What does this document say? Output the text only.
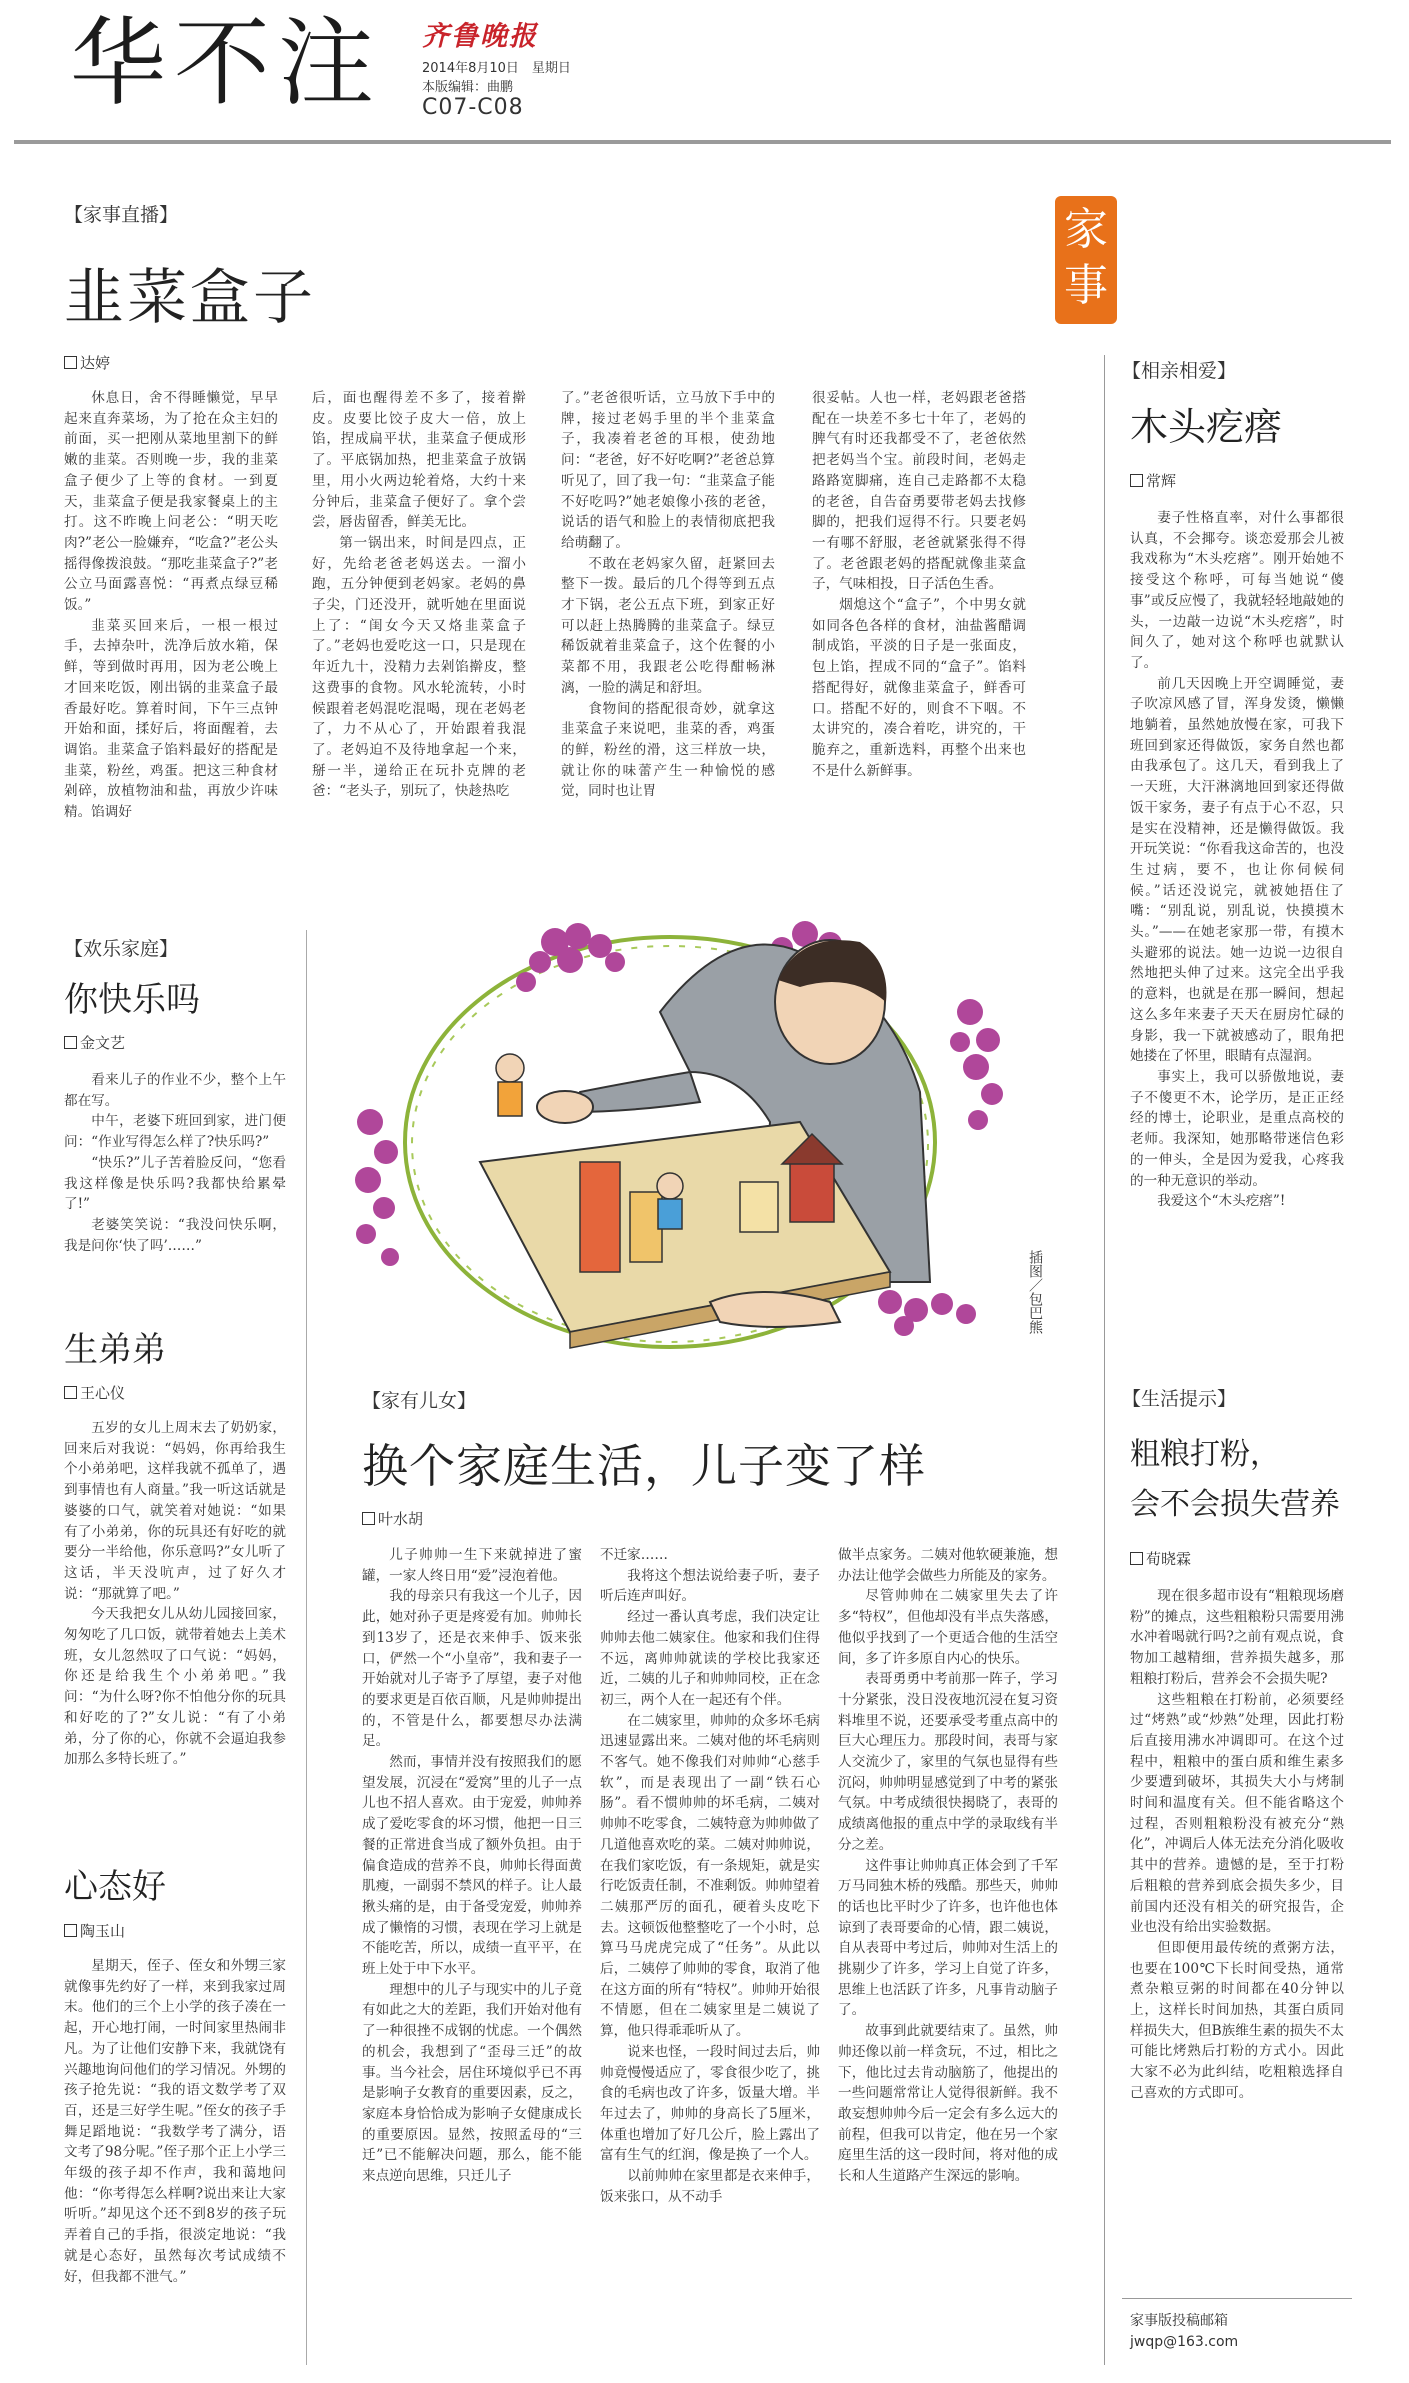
华不注 齐鲁晚报
2014年8月10日　星期日
本版编辑：曲鹏
C07-C08
家
事
【家事直播】
韭菜盒子
达婷

休息日，舍不得睡懒觉，早早起来直奔菜场，为了抢在众主妇的前面，买一把刚从菜地里割下的鲜嫩的韭菜。否则晚一步，我的韭菜盒子便少了上等的食材。一到夏天，韭菜盒子便是我家餐桌上的主打。这不昨晚上问老公：“明天吃肉?”老公一脸嫌弃，“吃盒?”老公头摇得像拨浪鼓。“那吃韭菜盒子?”老公立马面露喜悦：“再煮点绿豆稀饭。”

韭菜买回来后，一根一根过手，去掉杂叶，洗净后放水箱，保鲜，等到做时再用，因为老公晚上才回来吃饭，刚出锅的韭菜盒子最香最好吃。算着时间，下午三点钟开始和面，揉好后，将面醒着，去调馅。韭菜盒子馅料最好的搭配是韭菜，粉丝，鸡蛋。把这三种食材剁碎，放植物油和盐，再放少许味精。馅调好

后，面也醒得差不多了，接着擀皮。皮要比饺子皮大一倍，放上馅，捏成扁平状，韭菜盒子便成形了。平底锅加热，把韭菜盒子放锅里，用小火两边轮着烙，大约十来分钟后，韭菜盒子便好了。拿个尝尝，唇齿留香，鲜美无比。

第一锅出来，时间是四点，正好，先给老爸老妈送去。一溜小跑，五分钟便到老妈家。老妈的鼻子尖，门还没开，就听她在里面说上了：“闺女今天又烙韭菜盒子了。”老妈也爱吃这一口，只是现在年近九十，没精力去剁馅擀皮，整这费事的食物。风水轮流转，小时候跟着老妈混吃混喝，现在老妈老了，力不从心了，开始跟着我混了。老妈迫不及待地拿起一个来，掰一半，递给正在玩扑克牌的老爸：“老头子，别玩了，快趁热吃

了。”老爸很听话，立马放下手中的牌，接过老妈手里的半个韭菜盒子，我凑着老爸的耳根，使劲地问：“老爸，好不好吃啊?”老爸总算听见了，回了我一句：“韭菜盒子能不好吃吗?”她老娘像小孩的老爸，说话的语气和脸上的表情彻底把我给萌翻了。

不敢在老妈家久留，赶紧回去整下一拨。最后的几个得等到五点才下锅，老公五点下班，到家正好可以赶上热腾腾的韭菜盒子。绿豆稀饭就着韭菜盒子，这个佐餐的小菜都不用，我跟老公吃得酣畅淋漓，一脸的满足和舒坦。

食物间的搭配很奇妙，就拿这韭菜盒子来说吧，韭菜的香，鸡蛋的鲜，粉丝的滑，这三样放一块，就让你的味蕾产生一种愉悦的感觉，同时也让胃

很妥帖。人也一样，老妈跟老爸搭配在一块差不多七十年了，老妈的脾气有时还我都受不了，老爸依然把老妈当个宝。前段时间，老妈走路路宽脚痛，连自己走路都不太稳的老爸，自告奋勇要带老妈去找修脚的，把我们逗得不行。只要老妈一有哪不舒服，老爸就紧张得不得了。老爸跟老妈的搭配就像韭菜盒子，气味相投，日子活色生香。

烟熄这个“盒子”，个中男女就如同各色各样的食材，油盐酱醋调制成馅，平淡的日子是一张面皮，包上馅，捏成不同的“盒子”。馅料搭配得好，就像韭菜盒子，鲜香可口。搭配不好的，则食不下咽。不太讲究的，凑合着吃，讲究的，干脆弃之，重新选料，再整个出来也不是什么新鲜事。

【欢乐家庭】
你快乐吗
金文艺

看来儿子的作业不少，整个上午都在写。

中午，老婆下班回到家，进门便问：“作业写得怎么样了?快乐吗?”

“快乐?”儿子苦着脸反问，“您看我这样像是快乐吗?我都快给累晕了!”

老婆笑笑说：“我没问快乐啊，我是问你‘快了吗’……”

生弟弟
王心仪

五岁的女儿上周末去了奶奶家，回来后对我说：“妈妈，你再给我生个小弟弟吧，这样我就不孤单了，遇到事情也有人商量。”我一听这话就是婆婆的口气，就笑着对她说：“如果有了小弟弟，你的玩具还有好吃的就要分一半给他，你乐意吗?”女儿听了这话，半天没吭声，过了好久才说：“那就算了吧。”

今天我把女儿从幼儿园接回家，匆匆吃了几口饭，就带着她去上美术班，女儿忽然叹了口气说：“妈妈，你还是给我生个小弟弟吧。”我问：“为什么呀?你不怕他分你的玩具和好吃的了?”女儿说：“有了小弟弟，分了你的心，你就不会逼迫我参加那么多特长班了。”

心态好
陶玉山

星期天，侄子、侄女和外甥三家就像事先约好了一样，来到我家过周末。他们的三个上小学的孩子凑在一起，开心地打闹，一时间家里热闹非凡。为了让他们安静下来，我就饶有兴趣地询问他们的学习情况。外甥的孩子抢先说：“我的语文数学考了双百，还是三好学生呢。”侄女的孩子手舞足蹈地说：“我数学考了满分，语文考了98分呢。”侄子那个正上小学三年级的孩子却不作声，我和蔼地问他：“你考得怎么样啊?说出来让大家听听。”却见这个还不到8岁的孩子玩弄着自己的手指，很淡定地说：“我就是心态好，虽然每次考试成绩不好，但我都不泄气。”

插图／包巴熊
【家有儿女】
换个家庭生活，儿子变了样
叶水胡

儿子帅帅一生下来就掉进了蜜罐，一家人终日用“爱”浸泡着他。

我的母亲只有我这一个儿子，因此，她对孙子更是疼爱有加。帅帅长到13岁了，还是衣来伸手、饭来张口，俨然一个“小皇帝”，我和妻子一开始就对儿子寄予了厚望，妻子对他的要求更是百依百顺，凡是帅帅提出的，不管是什么，都要想尽办法满足。

然而，事情并没有按照我们的愿望发展，沉浸在“爱窝”里的儿子一点儿也不招人喜欢。由于宠爱，帅帅养成了爱吃零食的坏习惯，他把一日三餐的正常进食当成了额外负担。由于偏食造成的营养不良，帅帅长得面黄肌瘦，一副弱不禁风的样子。让人最揪头痛的是，由于备受宠爱，帅帅养成了懒惰的习惯，表现在学习上就是不能吃苦，所以，成绩一直平平，在班上处于中下水平。

理想中的儿子与现实中的儿子竟有如此之大的差距，我们开始对他有了一种很挫不成钢的忧虑。一个偶然的机会，我想到了“歪母三迁”的故事。当今社会，居住环境似乎已不再是影响子女教育的重要因素，反之，家庭本身恰恰成为影响子女健康成长的重要原因。显然，按照孟母的“三迁”已不能解决问题，那么，能不能来点逆向思维，只迁儿子

不迁家……

我将这个想法说给妻子听，妻子听后连声叫好。

经过一番认真考虑，我们决定让帅帅去他二姨家住。他家和我们住得不远，离帅帅就读的学校比我家还近，二姨的儿子和帅帅同校，正在念初三，两个人在一起还有个伴。

在二姨家里，帅帅的众多坏毛病迅速显露出来。二姨对他的坏毛病则不客气。她不像我们对帅帅“心慈手软”，而是表现出了一副“铁石心肠”。看不惯帅帅的坏毛病，二姨对帅帅不吃零食，二姨特意为帅帅做了几道他喜欢吃的菜。二姨对帅帅说，在我们家吃饭，有一条规矩，就是实行吃饭责任制，不准剩饭。帅帅望着二姨那严厉的面孔，硬着头皮吃下去。这顿饭他整整吃了一个小时，总算马马虎虎完成了“任务”。从此以后，二姨停了帅帅的零食，取消了他在这方面的所有“特权”。帅帅开始很不情愿，但在二姨家里是二姨说了算，他只得乖乖听从了。

说来也怪，一段时间过去后，帅帅竟慢慢适应了，零食很少吃了，挑食的毛病也改了许多，饭量大增。半年过去了，帅帅的身高长了5厘米，体重也增加了好几公斤，脸上露出了富有生气的红润，像是换了一个人。

以前帅帅在家里都是衣来伸手，饭来张口，从不动手

做半点家务。二姨对他软硬兼施，想办法让他学会做些力所能及的家务。

尽管帅帅在二姨家里失去了许多“特权”，但他却没有半点失落感，他似乎找到了一个更适合他的生活空间，多了许多原自内心的快乐。

表哥勇勇中考前那一阵子，学习十分紧张，没日没夜地沉浸在复习资料堆里不说，还要承受考重点高中的巨大心理压力。那段时间，表哥与家人交流少了，家里的气氛也显得有些沉闷，帅帅明显感觉到了中考的紧张气氛。中考成绩很快揭晓了，表哥的成绩离他报的重点中学的录取线有半分之差。

这件事让帅帅真正体会到了千军万马同独木桥的残酷。那些天，帅帅的话也比平时少了许多，也许他也体谅到了表哥要命的心情，跟二姨说，自从表哥中考过后，帅帅对生活上的挑剔少了许多，学习上自觉了许多，思维上也活跃了许多，凡事肯动脑子了。

故事到此就要结束了。虽然，帅帅还像以前一样贪玩，不过，相比之下，他比过去肯动脑筋了，他提出的一些问题常常让人觉得很新鲜。我不敢妄想帅帅今后一定会有多么远大的前程，但我可以肯定，他在另一个家庭里生活的这一段时间，将对他的成长和人生道路产生深远的影响。

【相亲相爱】
木头疙瘩
常辉

妻子性格直率，对什么事都很认真，不会揶夸。谈恋爱那会儿被我戏称为“木头疙瘩”。刚开始她不接受这个称呼，可每当她说“傻事”或反应慢了，我就轻轻地敲她的头，一边敲一边说“木头疙瘩”，时间久了，她对这个称呼也就默认了。

前几天因晚上开空调睡觉，妻子吹凉风感了冒，浑身发烫，懒懒地躺着，虽然她放慢在家，可我下班回到家还得做饭，家务自然也都由我承包了。这几天，看到我上了一天班，大汗淋漓地回到家还得做饭干家务，妻子有点于心不忍，只是实在没精神，还是懒得做饭。我开玩笑说：“你看我这命苦的，也没生过病，要不，也让你伺候伺候。”话还没说完，就被她捂住了嘴：“别乱说，别乱说，快摸摸木头。”——在她老家那一带，有摸木头避邪的说法。她一边说一边很自然地把头伸了过来。这完全出乎我的意料，也就是在那一瞬间，想起这么多年来妻子天天在厨房忙碌的身影，我一下就被感动了，眼角把她搂在了怀里，眼睛有点湿润。

事实上，我可以骄傲地说，妻子不傻更不木，论学历，是正正经经的博士，论职业，是重点高校的老师。我深知，她那略带迷信色彩的一伸头，全是因为爱我，心疼我的一种无意识的举动。

我爱这个“木头疙瘩”!

【生活提示】
粗粮打粉，
会不会损失营养
荀晓霖

现在很多超市设有“粗粮现场磨粉”的摊点，这些粗粮粉只需要用沸水冲着喝就行吗?之前有观点说，食物加工越精细，营养损失越多，那粗粮打粉后，营养会不会损失呢?

这些粗粮在打粉前，必须要经过“烤熟”或“炒熟”处理，因此打粉后直接用沸水冲调即可。在这个过程中，粗粮中的蛋白质和维生素多少要遭到破坏，其损失大小与烤制时间和温度有关。但不能省略这个过程，否则粗粮粉没有被充分“熟化”，冲调后人体无法充分消化吸收其中的营养。遗憾的是，至于打粉后粗粮的营养到底会损失多少，目前国内还没有相关的研究报告，企业也没有给出实验数据。

但即便用最传统的煮粥方法，也要在100℃下长时间受热，通常煮杂粮豆粥的时间都在40分钟以上，这样长时间加热，其蛋白质同样损失大，但B族维生素的损失不太可能比烤熟后打粉的方式小。因此大家不必为此纠结，吃粗粮选择自己喜欢的方式即可。

家事版投稿邮箱
jwqp@163.com
